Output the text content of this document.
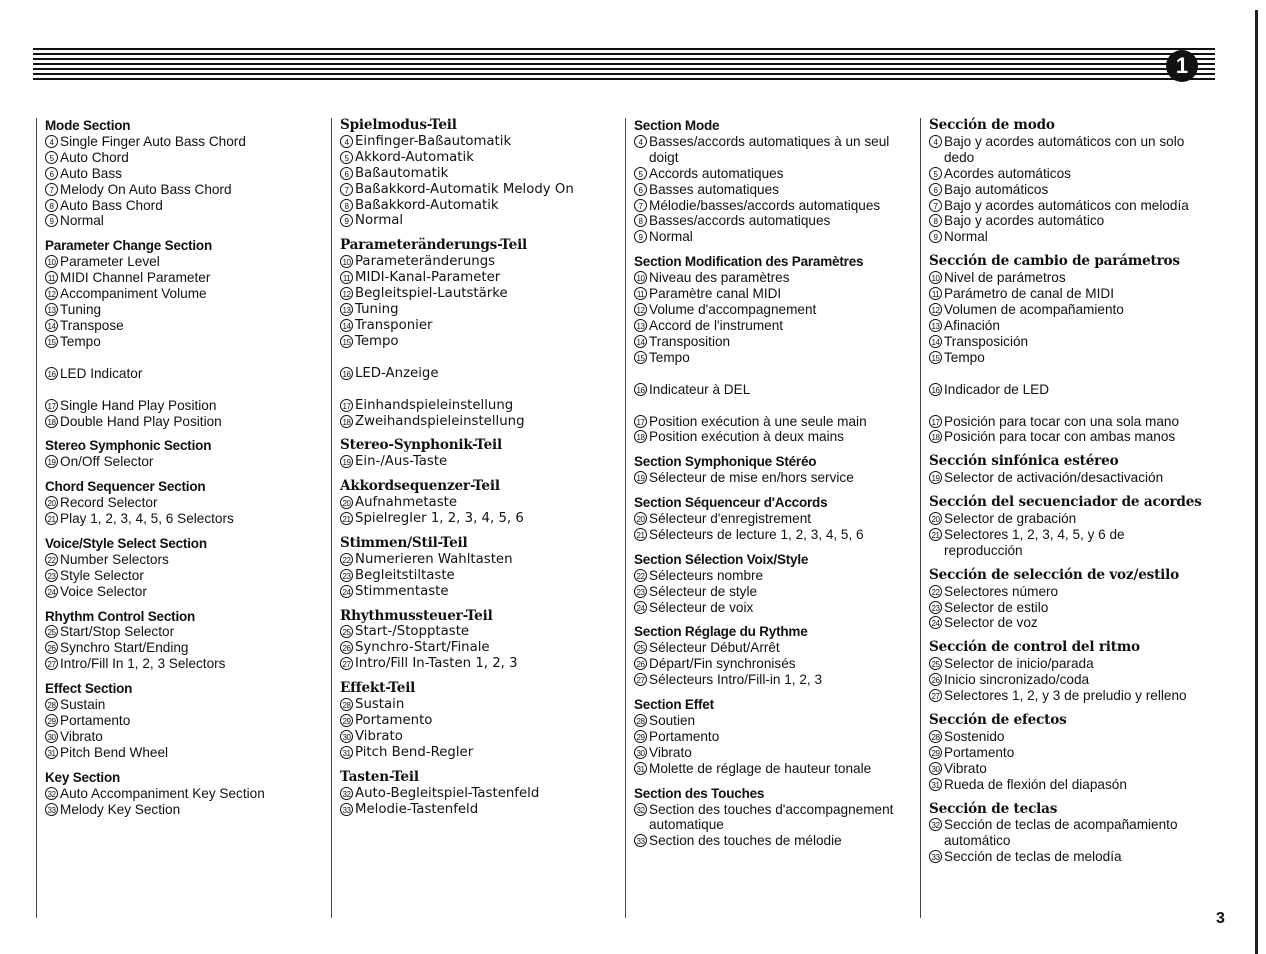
1
3
Mode Section
4 Single Finger Auto Bass Chord
5 Auto Chord
6 Auto Bass
7 Melody On Auto Bass Chord
8 Auto Bass Chord
9 Normal
Parameter Change Section
10 Parameter Level
11 MIDI Channel Parameter
12 Accompaniment Volume
13 Tuning
14 Transpose
15 Tempo
16 LED Indicator
17 Single Hand Play Position
18 Double Hand Play Position
Stereo Symphonic Section
19 On/Off Selector
Chord Sequencer Section
20 Record Selector
21 Play 1, 2, 3, 4, 5, 6 Selectors
Voice/Style Select Section
22 Number Selectors
23 Style Selector
24 Voice Selector
Rhythm Control Section
25 Start/Stop Selector
26 Synchro Start/Ending
27 Intro/Fill In 1, 2, 3 Selectors
Effect Section
28 Sustain
29 Portamento
30 Vibrato
31 Pitch Bend Wheel
Key Section
32 Auto Accompaniment Key Section
33 Melody Key Section
Spielmodus-Teil
4 Einfinger-Baßautomatik
5 Akkord-Automatik
6 Baßautomatik
7 Baßakkord-Automatik Melody On
8 Baßakkord-Automatik
9 Normal
Parameteränderungs-Teil
10 Parameteränderungs
11 MIDI-Kanal-Parameter
12 Begleitspiel-Lautstärke
13 Tuning
14 Transponier
15 Tempo
16 LED-Anzeige
17 Einhandspieleinstellung
18 Zweihandspieleinstellung
Stereo-Synphonik-Teil
19 Ein-/Aus-Taste
Akkordsequenzer-Teil
20 Aufnahmetaste
21 Spielregler 1, 2, 3, 4, 5, 6
Stimmen/Stil-Teil
22 Numerieren Wahltasten
23 Begleitstiltaste
24 Stimmentaste
Rhythmussteuer-Teil
25 Start-/Stopptaste
26 Synchro-Start/Finale
27 Intro/Fill In-Tasten 1, 2, 3
Effekt-Teil
28 Sustain
29 Portamento
30 Vibrato
31 Pitch Bend-Regler
Tasten-Teil
32 Auto-Begleitspiel-Tastenfeld
33 Melodie-Tastenfeld
Section Mode
4 Basses/accords automatiques à un seul doigt
5 Accords automatiques
6 Basses automatiques
7 Mélodie/basses/accords automatiques
8 Basses/accords automatiques
9 Normal
Section Modification des Paramètres
10 Niveau des paramètres
11 Paramètre canal MIDI
12 Volume d'accompagnement
13 Accord de l'instrument
14 Transposition
15 Tempo
16 Indicateur à DEL
17 Position exécution à une seule main
18 Position exécution à deux mains
Section Symphonique Stéréo
19 Sélecteur de mise en/hors service
Section Séquenceur d'Accords
20 Sélecteur d'enregistrement
21 Sélecteurs de lecture 1, 2, 3, 4, 5, 6
Section Sélection Voix/Style
22 Sélecteurs nombre
23 Sélecteur de style
24 Sélecteur de voix
Section Réglage du Rythme
25 Sélecteur Début/Arrêt
26 Départ/Fin synchronisés
27 Sélecteurs Intro/Fill-in 1, 2, 3
Section Effet
28 Soutien
29 Portamento
30 Vibrato
31 Molette de réglage de hauteur tonale
Section des Touches
32 Section des touches d'accompagnement automatique
33 Section des touches de mélodie
Sección de modo
4 Bajo y acordes automáticos con un solo dedo
5 Acordes automáticos
6 Bajo automáticos
7 Bajo y acordes automáticos con melodía
8 Bajo y acordes automático
9 Normal
Sección de cambio de parámetros
10 Nivel de parámetros
11 Parámetro de canal de MIDI
12 Volumen de acompañamiento
13 Afinación
14 Transposición
15 Tempo
16 Indicador de LED
17 Posición para tocar con una sola mano
18 Posición para tocar con ambas manos
Sección sinfónica estéreo
19 Selector de activación/desactivación
Sección del secuenciador de acordes
20 Selector de grabación
21 Selectores 1, 2, 3, 4, 5, y 6 de reproducción
Sección de selección de voz/estilo
22 Selectores número
23 Selector de estilo
24 Selector de voz
Sección de control del ritmo
25 Selector de inicio/parada
26 Inicio sincronizado/coda
27 Selectores 1, 2, y 3 de preludio y relleno
Sección de efectos
28 Sostenido
29 Portamento
30 Vibrato
31 Rueda de flexión del diapasón
Sección de teclas
32 Sección de teclas de acompañamiento automático
33 Sección de teclas de melodía
